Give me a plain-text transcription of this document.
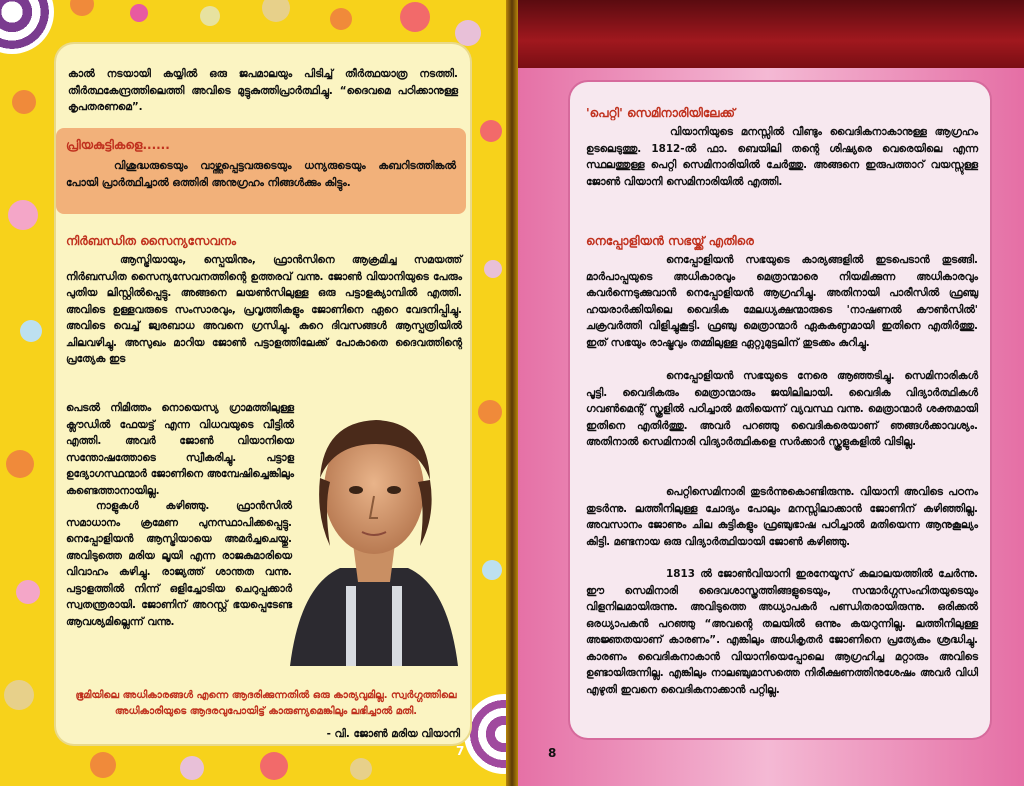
കാൽ നടയായി കയ്യിൽ ഒരു ജപമാലയും പിടിച്ച് തീർത്ഥയാത്ര നടത്തി. തീർത്ഥകേന്ദ്രത്തിലെത്തി അവിടെ മുട്ടുകുത്തിപ്രാർത്ഥിച്ചു. “ദൈവമെ പഠിക്കാനുള്ള കൃപതരണമെ”.
പ്രിയകുട്ടികളെ......
വിശുദ്ധരുടെയും വാഴ്ത്തപ്പെട്ടവരുടെയും ധന്യരുടെയും കബറിടത്തിങ്കൽ പോയി പ്രാർത്ഥിച്ചാൽ ഒത്തിരി അനുഗ്രഹം നിങ്ങൾക്കും കിട്ടും.
നിർബന്ധിത സൈന്യസേവനം
ആസ്ട്രിയായും, സ്പെയിനും, ഫ്രാൻസിനെ ആക്രമിച്ച സമയത്ത് നിർബന്ധിത സൈന്യസേവനത്തിന്റെ ഉത്തരവ് വന്നു. ജോൺ വിയാനിയുടെ പേരും പുതിയ ലിസ്റ്റിൽപ്പെട്ടു. അങ്ങനെ ലയൺസിലുള്ള ഒരു പട്ടാളക്യാമ്പിൽ എത്തി. അവിടെ ഉള്ളവരുടെ സംസാരവും, പ്രവൃത്തികളും ജോണിനെ ഏറെ വേദനിപ്പിച്ചു. അവിടെ വെച്ച് ജ്വരബാധ അവനെ ഗ്രസിച്ചു. കുറെ ദിവസങ്ങൾ ആസ്പത്രിയിൽ ചിലവഴിച്ചു. അസുഖം മാറിയ ജോൺ പട്ടാളത്തിലേക്ക് പോകാതെ ദൈവത്തിന്റെ പ്രത്യേക ഇട
പെടൽ നിമിത്തം നൊയെസ്യ ഗ്രാമത്തിലുള്ള ക്ലൗഡിൽ ഫേയട്ട് എന്ന വിധവയുടെ വീട്ടിൽ എത്തി. അവർ ജോൺ വിയാനിയെ സന്തോഷത്തോടെ സ്വീകരിച്ചു. പട്ടാള ഉദ്യോഗസ്ഥന്മാർ ജോണിനെ അമ്പേഷിച്ചെങ്കിലും കണ്ടെത്താനായില്ല.
നാളുകൾ കഴിഞ്ഞു. ഫ്രാൻസിൽ സമാധാനം ക്രമേണ പുനസ്ഥാപിക്കപ്പെട്ടു. നെപ്പോളിയൻ ആസ്ട്രിയായെ അമർച്ചചെയ്തു. അവിടുത്തെ മരിയ ലൂയി എന്ന രാജകുമാരിയെ വിവാഹം കഴിച്ചു. രാജ്യത്ത് ശാന്തത വന്നു. പട്ടാളത്തിൽ നിന്ന് ഒളിച്ചോടിയ ചെറുപ്പക്കാർ സ്വതന്ത്രരായി. ജോണിന് അറസ്റ്റ് ഭയപ്പെടേണ്ട ആവശ്യമില്ലെന്ന് വന്നു.
ഭൂമിയിലെ അധികാരങ്ങൾ എന്നെ ആദരിക്കുന്നതിൽ ഒരു കാര്യവുമില്ല. സ്വർഗ്ഗത്തിലെ അധികാരിയുടെ ആദരവുപോയിട്ട് കാരുണ്യമെങ്കിലും ലഭിച്ചാൽ മതി.
- വി. ജോൺ മരിയ വിയാനി
7
'പെറ്റി' സെമിനാരിയിലേക്ക്
വിയാനിയുടെ മനസ്സിൽ വീണ്ടും വൈദികനാകാനുള്ള ആഗ്രഹം ഉടലെടുത്തു. 1812-ൽ ഫാ. ബെയിലി തന്റെ ശിഷ്യരെ വെരെയിലെ എന്ന സ്ഥലത്തുള്ള പെറ്റി സെമിനാരിയിൽ ചേർത്തു. അങ്ങനെ ഇരുപത്താറ് വയസ്സുള്ള ജോൺ വിയാനി സെമിനാരിയിൽ എത്തി.
നെപ്പോളിയൻ സഭയ്ക്ക് എതിരെ
നെപ്പോളിയൻ സഭയുടെ കാര്യങ്ങളിൽ ഇടപെടാൻ തുടങ്ങി. മാർപാപ്പയുടെ അധികാരവും മെത്രാന്മാരെ നിയമിക്കുന്ന അധികാരവും കവർന്നെടുക്കുവാൻ നെപ്പോളിയൻ ആഗ്രഹിച്ചു. അതിനായി പാരീസിൽ ഫ്രഞ്ചു ഹയരാർക്കിയിലെ വൈദിക മേലധ്യക്ഷന്മാരുടെ 'നാഷണൽ കൗൺസിൽ' ചക്രവർത്തി വിളിച്ചുകൂട്ടി. ഫ്രഞ്ചു മെത്രാന്മാർ ഏകകണ്ഠമായി ഇതിനെ എതിർത്തു. ഇത് സഭയും രാഷ്ട്രവും തമ്മിലുള്ള ഏറ്റുമുട്ടലിന് തുടക്കം കുറിച്ചു.
നെപ്പോളിയൻ സഭയുടെ നേരെ ആഞ്ഞടിച്ചു. സെമിനാരികൾ പൂട്ടി. വൈദികരും മെത്രാന്മാരും ജയിലിലായി. വൈദിക വിദ്യാർത്ഥികൾ ഗവൺമെന്റ് സ്കൂളിൽ പഠിച്ചാൽ മതിയെന്ന് വ്യവസ്ഥ വന്നു. മെത്രാന്മാർ ശക്തമായി ഇതിനെ എതിർത്തു. അവർ പറഞ്ഞു വൈദികരെയാണ് ഞങ്ങൾക്കാവശ്യം. അതിനാൽ സെമിനാരി വിദ്യാർത്ഥികളെ സർക്കാർ സ്കൂളുകളിൽ വിടില്ല.
പെറ്റിസെമിനാരി തുടർന്നുകൊണ്ടിരുന്നു. വിയാനി അവിടെ പഠനം തുടർന്നു. ലത്തീനിലുള്ള ചോദ്യം പോലും മനസ്സിലാക്കാൻ ജോണിന് കഴിഞ്ഞില്ല. അവസാനം ജോണും ചില കുട്ടികളും ഫ്രഞ്ചുഭാഷ പഠിച്ചാൽ മതിയെന്ന ആനുകൂല്യം കിട്ടി. മണ്ടനായ ഒരു വിദ്യാർത്ഥിയായി ജോൺ കഴിഞ്ഞു.
1813 ൽ ജോൺവിയാനി ഇരനേയൂസ് കലാലയത്തിൽ ചേർന്നു. ഈ സെമിനാരി ദൈവശാസ്ത്രത്തിങ്ങളുടെയും, സന്മാർഗ്ഗസംഹിതയുടെയും വിളനിലമായിരുന്നു. അവിടുത്തെ അധ്യാപകർ പണ്ഡിതരായിരുന്നു. ഒരിക്കൽ ഒരധ്യാപകൻ പറഞ്ഞു “അവന്റെ തലയിൽ ഒന്നും കയറുന്നില്ല. ലത്തീനിലുള്ള അജ്ഞതയാണ് കാരണം”. എങ്കിലും അധികൃതർ ജോണിനെ പ്രത്യേകം ശ്രദ്ധിച്ചു. കാരണം വൈദികനാകാൻ വിയാനിയെപ്പോലെ ആഗ്രഹിച്ച മറ്റാരും അവിടെ ഉണ്ടായിരുന്നില്ല. എങ്കിലും നാലഞ്ചുമാസത്തെ നിരീക്ഷണത്തിനുശേഷം അവർ വിധി എഴുതി ഇവനെ വൈദികനാക്കാൻ പറ്റില്ല.
8
